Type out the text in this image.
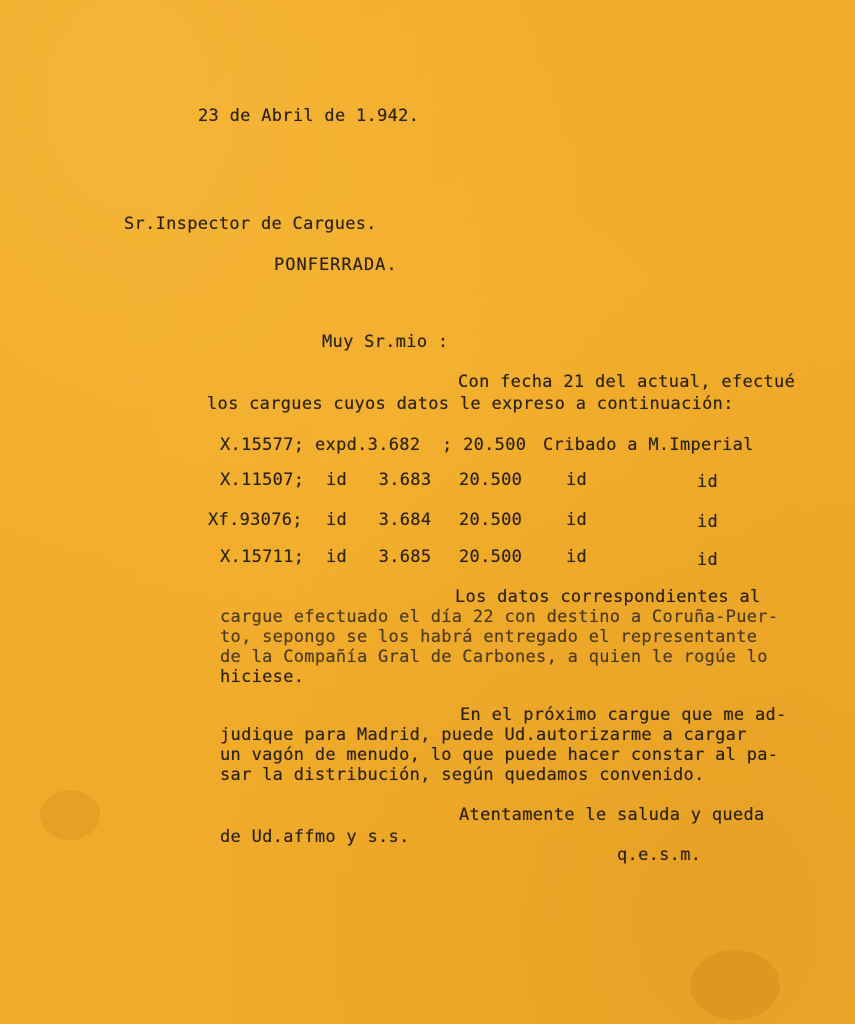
23 de Abril de 1.942.
Sr.Inspector de Cargues.
PONFERRADA.
Muy Sr.mio :
Con fecha 21 del actual, efectué
los cargues cuyos datos le expreso a continuación:
X.15577; expd.3.682 ; 20.500 Cribado a M.Imperial
X.11507; id   3.683 20.500	id	id
Xf.93076; id   3.684 20.500	id	id
X.15711; id   3.685 20.500	id	id
Los datos correspondientes al
cargue efectuado el día 22 con destino a Coruña-Puer-
to, sepongo se los habrá entregado el representante
de la Compañía Gral de Carbones, a quien le rogúe lo
hiciese.
En el próximo cargue que me ad-
judique para Madrid, puede Ud.autorizarme a cargar
un vagón de menudo, lo que puede hacer constar al pa-
sar la distribución, según quedamos convenido.
Atentamente le saluda y queda
de Ud.affmo y s.s.
q.e.s.m.
